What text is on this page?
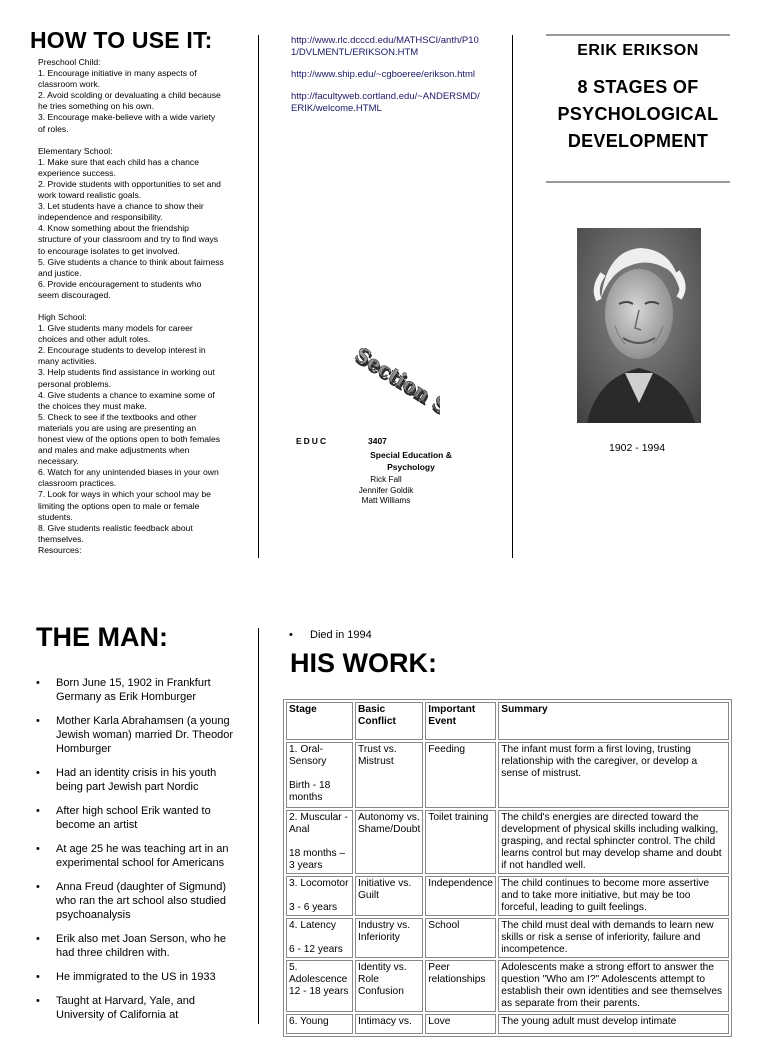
HOW TO USE IT:
Preschool Child:
1. Encourage initiative in many aspects of classroom work.
2. Avoid scolding or devaluating a child because he tries something on his own.
3. Encourage make-believe with a wide variety of roles.
Elementary School:
1. Make sure that each child has a chance experience success.
2. Provide students with opportunities to set and work toward realistic goals.
3. Let students have a chance to show their independence and responsibility.
4. Know something about the friendship structure of your classroom and try to find ways to encourage isolates to get involved.
5. Give students a chance to think about fairness and justice.
6. Provide encouragement to students who seem discouraged.
High School:
1. Give students many models for career choices and other adult roles.
2. Encourage students to develop interest in many activities.
3. Help students find assistance in working out personal problems.
4. Give students a chance to examine some of the choices they must make.
5. Check to see if the textbooks and other materials you are using are presenting an honest view of the options open to both females and males and make adjustments when necessary.
6. Watch for any unintended biases in your own classroom practices.
7. Look for ways in which your school may be limiting the options open to male or female students.
8. Give students realistic feedback about themselves.
Resources:
http://www.rlc.dcccd.edu/MATHSCI/anth/P101/DVLMENTL/ERIKSON.HTM
http://www.ship.edu/~cgboeree/erikson.html
http://facultyweb.cortland.edu/~ANDERSMD/ERIK/welcome.HTML
Section Seven
Section Seven
EDUC	3407
Special Education &
Psychology
Rick Fall
Jennifer Goldik
Matt Williams
ERIK ERIKSON
8 STAGES OF
PSYCHOLOGICAL
DEVELOPMENT
1902 - 1994
THE MAN:
• Born June 15, 1902 in Frankfurt Germany as Erik Homburger
• Mother Karla Abrahamsen (a young Jewish woman) married Dr. Theodor Homburger
• Had an identity crisis in his youth being part Jewish part Nordic
• After high school Erik wanted to become an artist
• At age 25 he was teaching art in an experimental school for Americans
• Anna Freud (daughter of Sigmund) who ran the art school also studied psychoanalysis
• Erik also met Joan Serson, who he had three children with.
• He immigrated to the US in 1933
• Taught at Harvard, Yale, and University of California at
• Died in 1994
HIS WORK:
Stage	Basic Conflict	Important Event	Summary

1. Oral-Sensory
Birth - 18 months	Trust vs. Mistrust	Feeding	The infant must form a first loving, trusting relationship with the caregiver, or develop a sense of mistrust.

2. Muscular -Anal
18 months – 3 years	Autonomy vs. Shame/Doubt	Toilet training	The child's energies are directed toward the development of physical skills including walking, grasping, and rectal sphincter control. The child learns control but may develop shame and doubt if not handled well.

3. Locomotor
3 - 6 years	Initiative vs. Guilt	Independence	The child continues to become more assertive and to take more initiative, but may be too forceful, leading to guilt feelings.

4. Latency
6 - 12 years	Industry vs. Inferiority	School	The child must deal with demands to learn new skills or risk a sense of inferiority, failure and incompetence.

5. Adolescence
12 - 18 years	Identity vs. Role Confusion	Peer relationships	Adolescents make a strong effort to answer the question "Who am I?" Adolescents attempt to establish their own identities and see themselves as separate from their parents.

6. Young	Intimacy vs.	Love	The young adult must develop intimate
